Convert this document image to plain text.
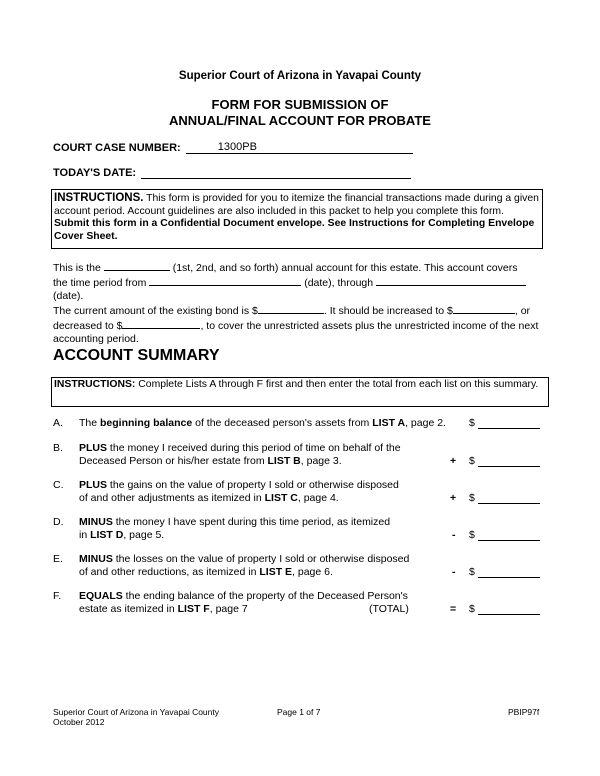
Superior Court of Arizona in Yavapai County
FORM FOR SUBMISSION OF
ANNUAL/FINAL ACCOUNT FOR PROBATE
COURT CASE NUMBER:	1300PB
TODAY'S DATE:
INSTRUCTIONS. This form is provided for you to itemize the financial transactions made during a given account period. Account guidelines are also included in this packet to help you complete this form. Submit this form in a Confidential Document envelope. See Instructions for Completing Envelope Cover Sheet.
This is the	(1st, 2nd, and so forth) annual account for this estate. This account covers
the time period from	(date), through  (date).
The current amount of the existing bond is $	. It should be increased to $	, or
decreased to $	, to cover the unrestricted assets plus the unrestricted income of the next
accounting period.
ACCOUNT SUMMARY
INSTRUCTIONS: Complete Lists A through F first and then enter the total from each list on this summary.
A. The beginning balance of the deceased person's assets from LIST A, page 2.	$
B. PLUS the money I received during this period of time on behalf of the
Deceased Person or his/her estate from LIST B, page 3.	+ $
C. PLUS the gains on the value of property I sold or otherwise disposed
of and other adjustments as itemized in LIST C, page 4.	+ $
D. MINUS the money I have spent during this time period, as itemized
in LIST D, page 5.	- $
E. MINUS the losses on the value of property I sold or otherwise disposed
of and other reductions, as itemized in LIST E, page 6.	- $
F. EQUALS the ending balance of the property of the Deceased Person's
estate as itemized in LIST F, page 7	(TOTAL)	= $
Superior Court of Arizona in Yavapai County
October 2012
Page 1 of 7	PBIP97f
